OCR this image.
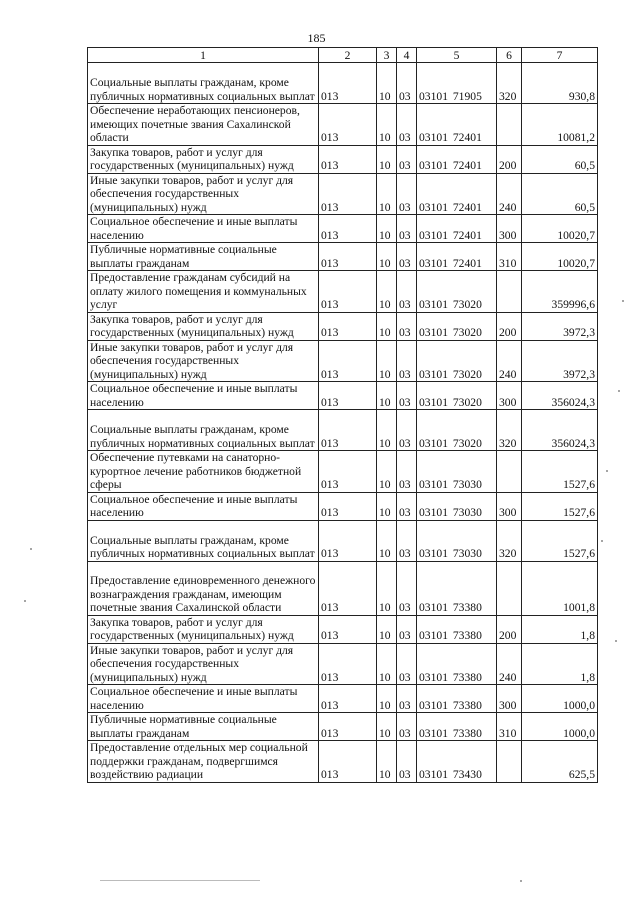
185
1	2	3	4	5	6	7
Социальные выплаты гражданам, кроме публичных нормативных социальных выплат	013	10	03	03101 71905	320	930,8
Обеспечение неработающих пенсионеров, имеющих почетные звания Сахалинской области	013	10	03	03101 72401		10081,2
Закупка товаров, работ и услуг для государственных (муниципальных) нужд	013	10	03	03101 72401	200	60,5
Иные закупки товаров, работ и услуг для обеспечения государственных (муниципальных) нужд	013	10	03	03101 72401	240	60,5
Социальное обеспечение и иные выплаты населению	013	10	03	03101 72401	300	10020,7
Публичные нормативные социальные выплаты гражданам	013	10	03	03101 72401	310	10020,7
Предоставление гражданам субсидий на оплату жилого помещения и коммунальных услуг	013	10	03	03101 73020		359996,6
Закупка товаров, работ и услуг для государственных (муниципальных) нужд	013	10	03	03101 73020	200	3972,3
Иные закупки товаров, работ и услуг для обеспечения государственных (муниципальных) нужд	013	10	03	03101 73020	240	3972,3
Социальное обеспечение и иные выплаты населению	013	10	03	03101 73020	300	356024,3
Социальные выплаты гражданам, кроме публичных нормативных социальных выплат	013	10	03	03101 73020	320	356024,3
Обеспечение путевками на санаторно-курортное лечение работников бюджетной сферы	013	10	03	03101 73030		1527,6
Социальное обеспечение и иные выплаты населению	013	10	03	03101 73030	300	1527,6
Социальные выплаты гражданам, кроме публичных нормативных социальных выплат	013	10	03	03101 73030	320	1527,6
Предоставление единовременного денежного вознаграждения гражданам, имеющим почетные звания Сахалинской области	013	10	03	03101 73380		1001,8
Закупка товаров, работ и услуг для государственных (муниципальных) нужд	013	10	03	03101 73380	200	1,8
Иные закупки товаров, работ и услуг для обеспечения государственных (муниципальных) нужд	013	10	03	03101 73380	240	1,8
Социальное обеспечение и иные выплаты населению	013	10	03	03101 73380	300	1000,0
Публичные нормативные социальные выплаты гражданам	013	10	03	03101 73380	310	1000,0
Предоставление отдельных мер социальной поддержки гражданам, подвергшимся воздействию радиации	013	10	03	03101 73430		625,5
